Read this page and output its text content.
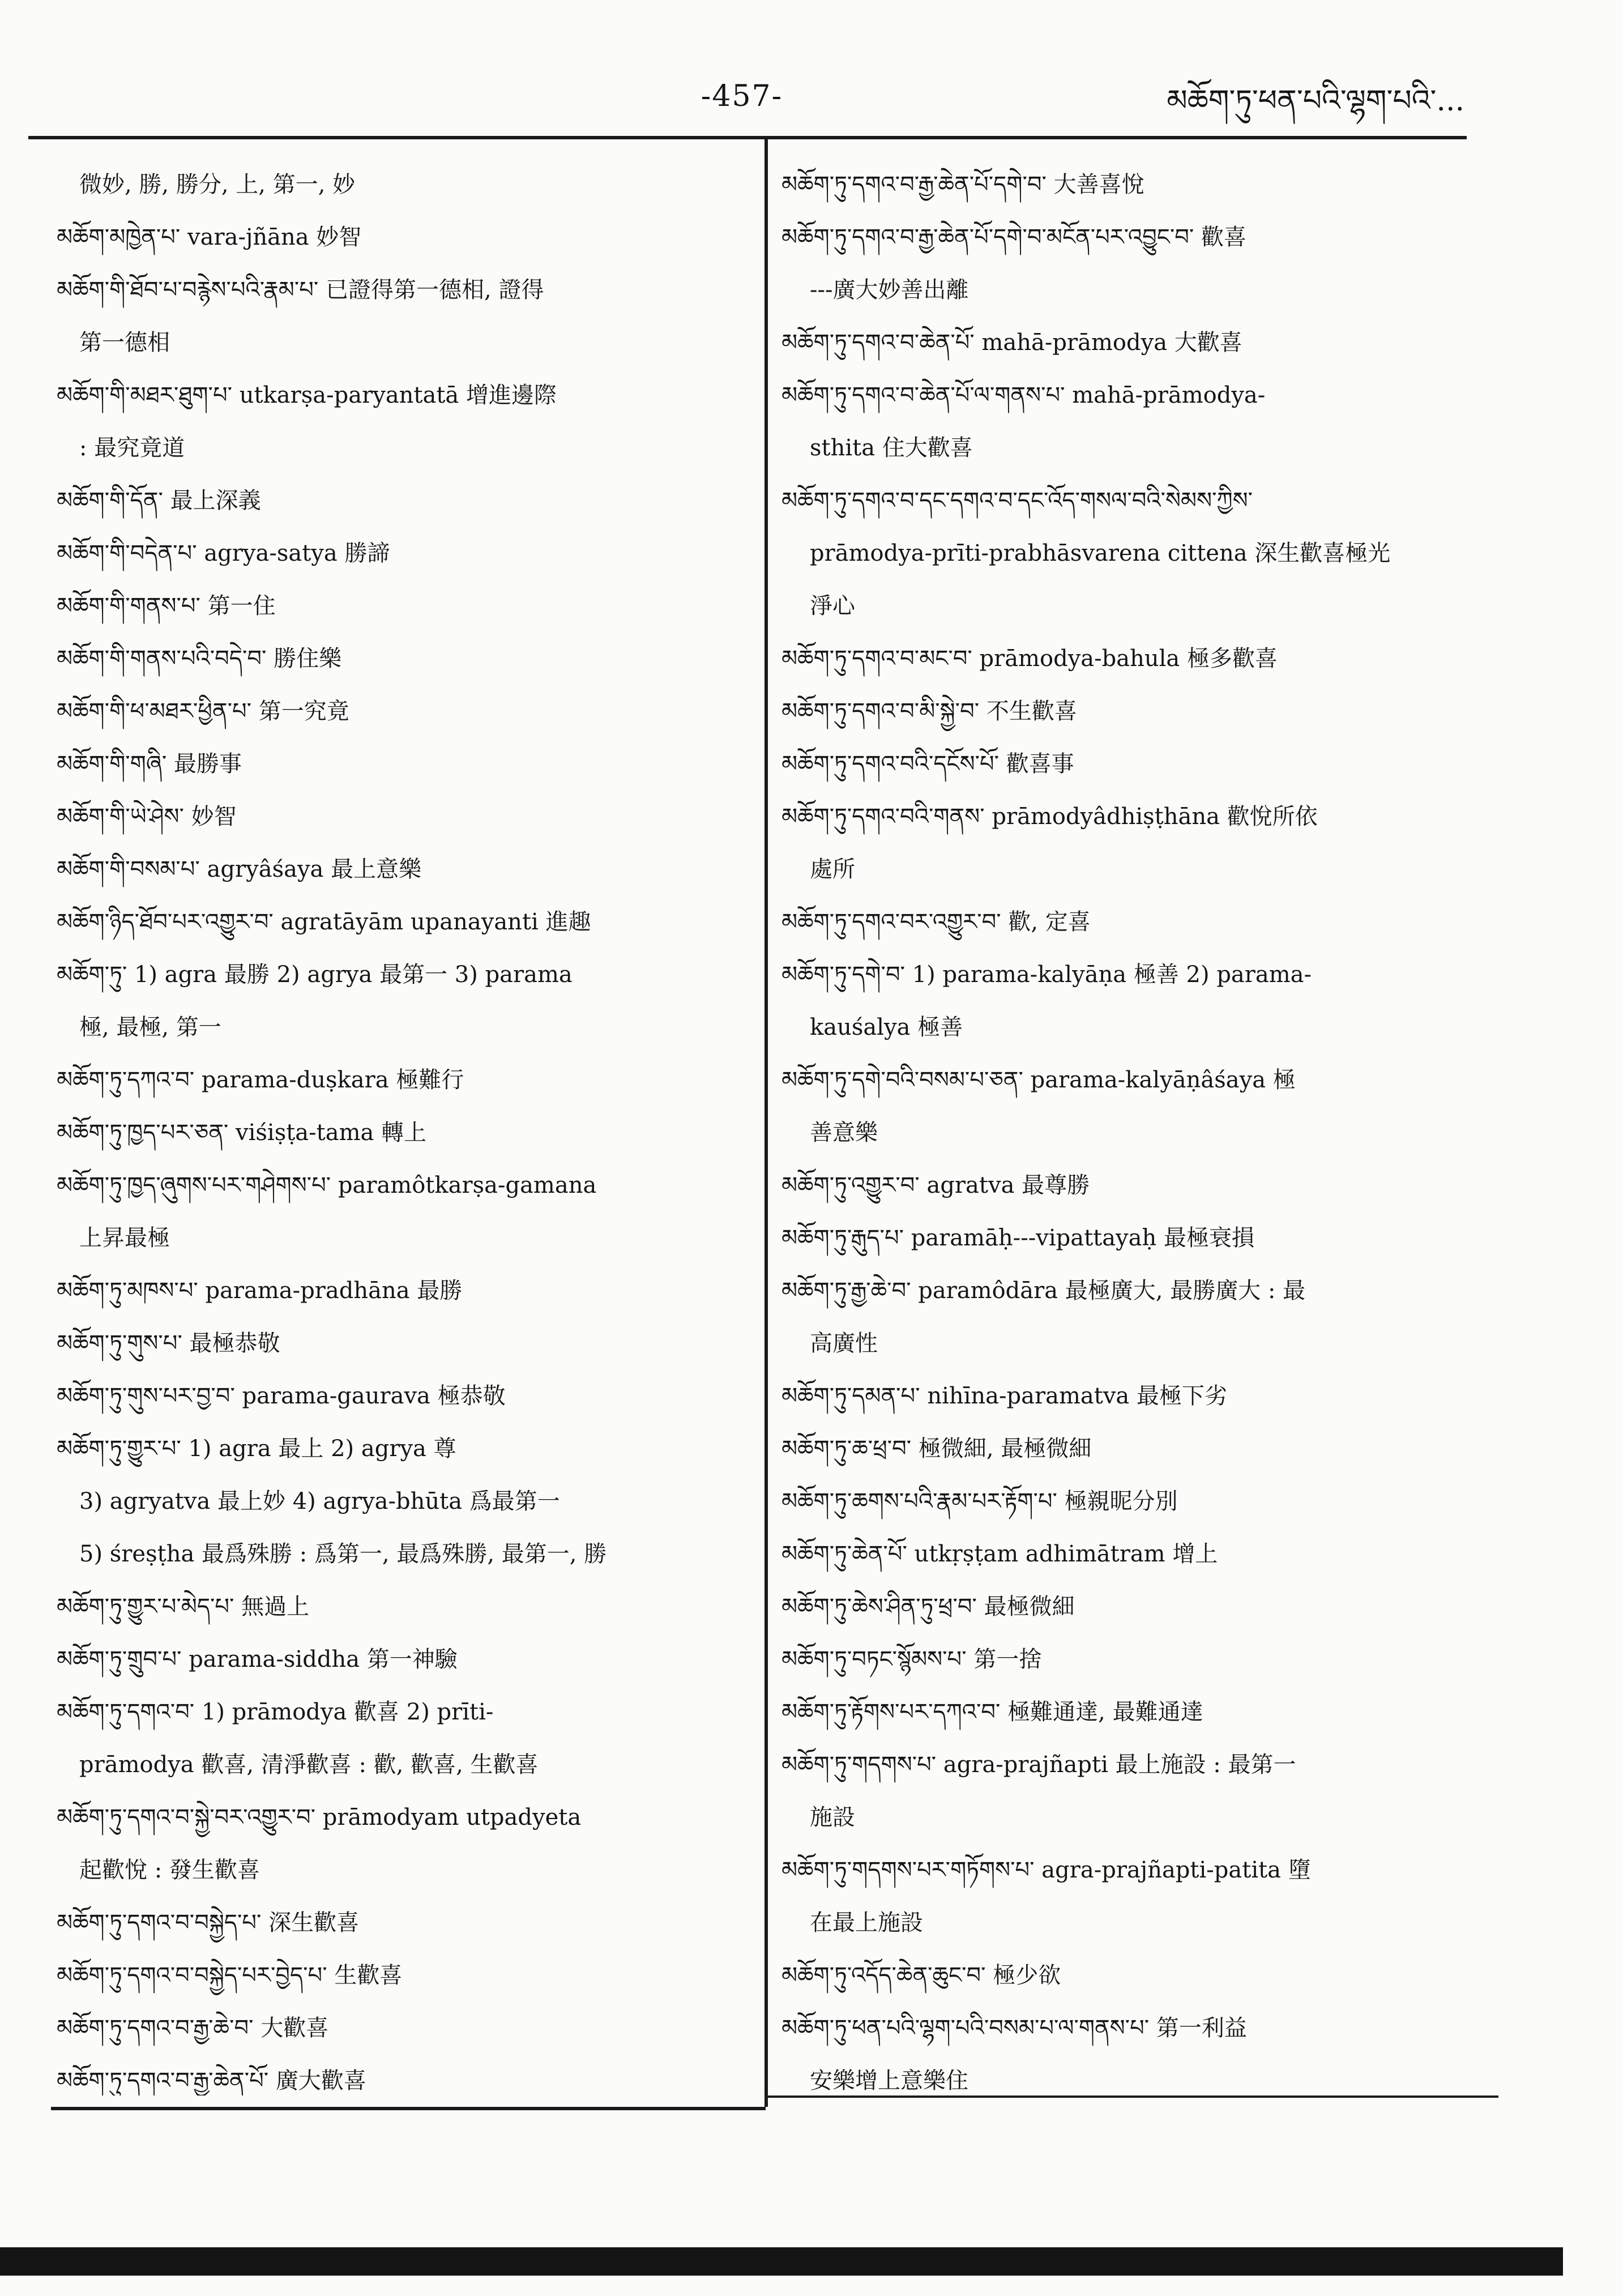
-457-	མཆོག་ཏུ་ཕན་པའི་ལྷག་པའི་...
微妙, 勝, 勝分, 上, 第一, 妙
མཆོག་མཁྱེན་པ་ vara-jñāna 妙智
མཆོག་གི་ཐོབ་པ་བརྙེས་པའི་རྣམ་པ་ 已證得第一德相, 證得
第一德相
མཆོག་གི་མཐར་ཐུག་པ་ utkarṣa-paryantatā 增進邊際
: 最究竟道
མཆོག་གི་དོན་ 最上深義
མཆོག་གི་བདེན་པ་ agrya-satya 勝諦
མཆོག་གི་གནས་པ་ 第一住
མཆོག་གི་གནས་པའི་བདེ་བ་ 勝住樂
མཆོག་གི་ཕ་མཐར་ཕྱིན་པ་ 第一究竟
མཆོག་གི་གཞི་ 最勝事
མཆོག་གི་ཡེ་ཤེས་ 妙智
མཆོག་གི་བསམ་པ་ agryâśaya 最上意樂
མཆོག་ཉིད་ཐོབ་པར་འགྱུར་བ་ agratāyām upanayanti 進趣
མཆོག་ཏུ་ 1) agra 最勝 2) agrya 最第一 3) parama
極, 最極, 第一
མཆོག་ཏུ་དཀའ་བ་ parama-duṣkara 極難行
མཆོག་ཏུ་ཁྱད་པར་ཅན་ viśiṣṭa-tama 轉上
མཆོག་ཏུ་ཁྱད་ཞུགས་པར་གཤེགས་པ་ paramôtkarṣa-gamana
上昇最極
མཆོག་ཏུ་མཁས་པ་ parama-pradhāna 最勝
མཆོག་ཏུ་གུས་པ་ 最極恭敬
མཆོག་ཏུ་གུས་པར་བྱ་བ་ parama-gaurava 極恭敬
མཆོག་ཏུ་གྱུར་པ་ 1) agra 最上 2) agrya 尊
3) agryatva 最上妙 4) agrya-bhūta 爲最第一
5) śreṣṭha 最爲殊勝 : 爲第一, 最爲殊勝, 最第一, 勝
མཆོག་ཏུ་གྱུར་པ་མེད་པ་ 無過上
མཆོག་ཏུ་གྲུབ་པ་ parama-siddha 第一神驗
མཆོག་ཏུ་དགའ་བ་ 1) prāmodya 歡喜 2) prīti-
prāmodya 歡喜, 清淨歡喜 : 歡, 歡喜, 生歡喜
མཆོག་ཏུ་དགའ་བ་སྐྱེ་བར་འགྱུར་བ་ prāmodyam utpadyeta
起歡悅 : 發生歡喜
མཆོག་ཏུ་དགའ་བ་བསྐྱེད་པ་ 深生歡喜
མཆོག་ཏུ་དགའ་བ་བསྐྱེད་པར་བྱེད་པ་ 生歡喜
མཆོག་ཏུ་དགའ་བ་རྒྱ་ཆེ་བ་ 大歡喜
མཆོག་ཏུ་དགའ་བ་རྒྱ་ཆེན་པོ་ 廣大歡喜
མཆོག་ཏུ་དགའ་བ་རྒྱ་ཆེན་པོ་དགེ་བ་ 大善喜悅
མཆོག་ཏུ་དགའ་བ་རྒྱ་ཆེན་པོ་དགེ་བ་མངོན་པར་འབྱུང་བ་ 歡喜
---廣大妙善出離
མཆོག་ཏུ་དགའ་བ་ཆེན་པོ་ mahā-prāmodya 大歡喜
མཆོག་ཏུ་དགའ་བ་ཆེན་པོ་ལ་གནས་པ་ mahā-prāmodya-
sthita 住大歡喜
མཆོག་ཏུ་དགའ་བ་དང་དགའ་བ་དང་འོད་གསལ་བའི་སེམས་ཀྱིས་
prāmodya-prīti-prabhāsvarena cittena 深生歡喜極光
淨心
མཆོག་ཏུ་དགའ་བ་མང་བ་ prāmodya-bahula 極多歡喜
མཆོག་ཏུ་དགའ་བ་མི་སྐྱེ་བ་ 不生歡喜
མཆོག་ཏུ་དགའ་བའི་དངོས་པོ་ 歡喜事
མཆོག་ཏུ་དགའ་བའི་གནས་ prāmodyâdhiṣṭhāna 歡悅所依
處所
མཆོག་ཏུ་དགའ་བར་འགྱུར་བ་ 歡, 定喜
མཆོག་ཏུ་དགེ་བ་ 1) parama-kalyāṇa 極善 2) parama-
kauśalya 極善
མཆོག་ཏུ་དགེ་བའི་བསམ་པ་ཅན་ parama-kalyāṇâśaya 極
善意樂
མཆོག་ཏུ་འགྱུར་བ་ agratva 最尊勝
མཆོག་ཏུ་རྒུད་པ་ paramāḥ---vipattayaḥ 最極衰損
མཆོག་ཏུ་རྒྱ་ཆེ་བ་ paramôdāra 最極廣大, 最勝廣大 : 最
高廣性
མཆོག་ཏུ་དམན་པ་ nihīna-paramatva 最極下劣
མཆོག་ཏུ་ཆ་ཕྲ་བ་ 極微細, 最極微細
མཆོག་ཏུ་ཆགས་པའི་རྣམ་པར་རྟོག་པ་ 極親昵分別
མཆོག་ཏུ་ཆེན་པོ་ utkṛṣṭam adhimātram 增上
མཆོག་ཏུ་ཆེས་ཤིན་ཏུ་ཕྲ་བ་ 最極微細
མཆོག་ཏུ་བཏང་སྙོམས་པ་ 第一捨
མཆོག་ཏུ་རྟོགས་པར་དཀའ་བ་ 極難通達, 最難通達
མཆོག་ཏུ་གདགས་པ་ agra-prajñapti 最上施設 : 最第一
施設
མཆོག་ཏུ་གདགས་པར་གཏོགས་པ་ agra-prajñapti-patita 墮
在最上施設
མཆོག་ཏུ་འདོད་ཆེན་ཆུང་བ་ 極少欲
མཆོག་ཏུ་ཕན་པའི་ལྷག་པའི་བསམ་པ་ལ་གནས་པ་ 第一利益
安樂增上意樂住
